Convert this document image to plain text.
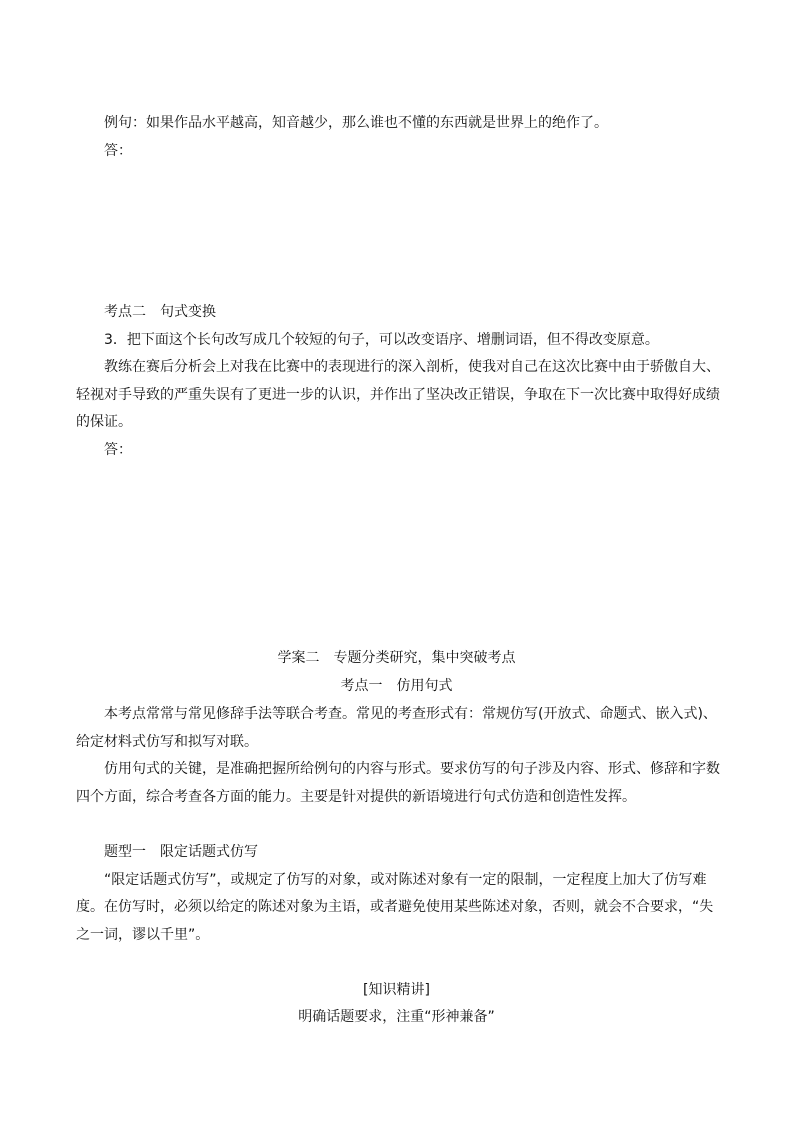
例句：如果作品水平越高，知音越少，那么谁也不懂的东西就是世界上的绝作了。
答：
考点二　句式变换
3．把下面这个长句改写成几个较短的句子，可以改变语序、增删词语，但不得改变原意。
教练在赛后分析会上对我在比赛中的表现进行的深入剖析，使我对自己在这次比赛中由于骄傲自大、
轻视对手导致的严重失误有了更进一步的认识，并作出了坚决改正错误，争取在下一次比赛中取得好成绩
的保证。
答：
学案二　专题分类研究，集中突破考点
考点一　仿用句式
本考点常常与常见修辞手法等联合考查。常见的考查形式有：常规仿写(开放式、命题式、嵌入式)、
给定材料式仿写和拟写对联。
仿用句式的关键，是准确把握所给例句的内容与形式。要求仿写的句子涉及内容、形式、修辞和字数
四个方面，综合考查各方面的能力。主要是针对提供的新语境进行句式仿造和创造性发挥。
题型一　限定话题式仿写
“限定话题式仿写”，或规定了仿写的对象，或对陈述对象有一定的限制，一定程度上加大了仿写难
度。在仿写时，必须以给定的陈述对象为主语，或者避免使用某些陈述对象，否则，就会不合要求，“失
之一词，谬以千里”。
[知识精讲]
明确话题要求，注重“形神兼备”
